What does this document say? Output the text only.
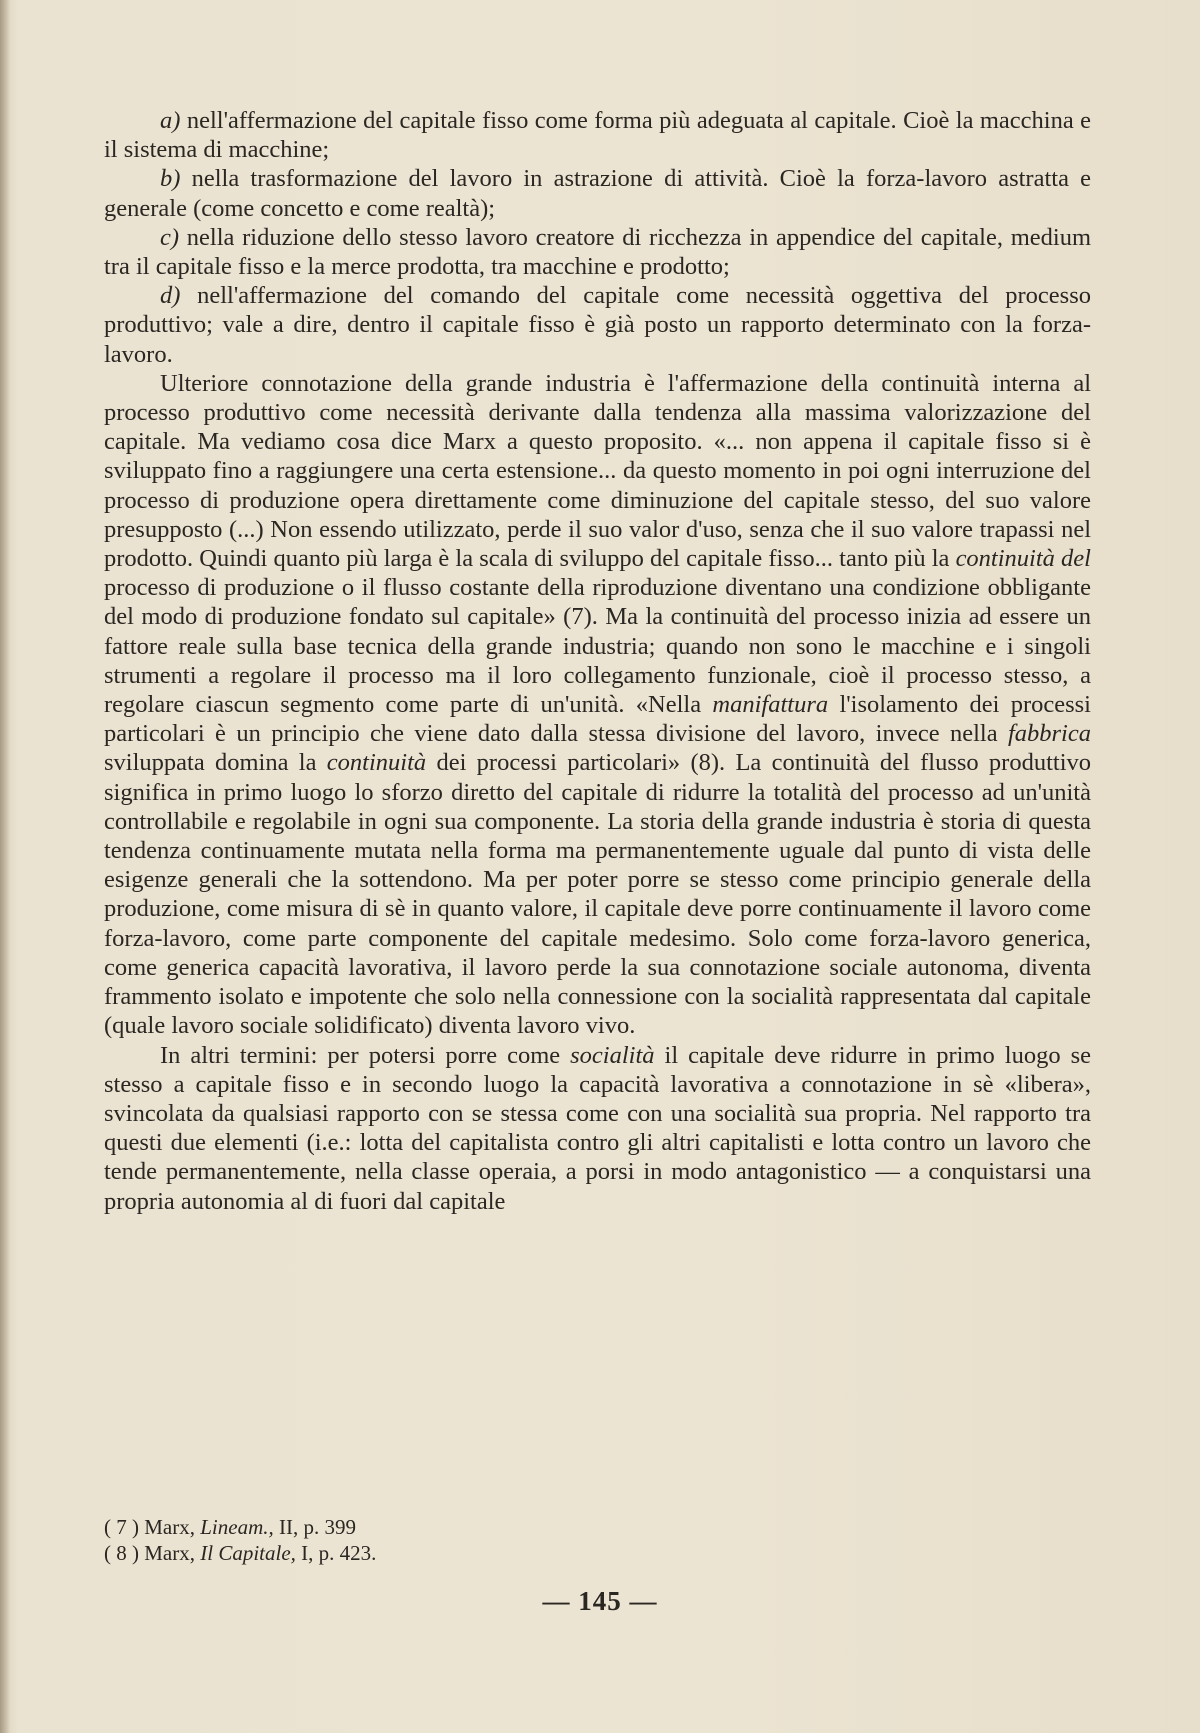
a) nell'affermazione del capitale fisso come forma più adeguata al capitale. Cioè la macchina e il sistema di macchine;

b) nella trasformazione del lavoro in astrazione di attività. Cioè la forza-lavoro astratta e generale (come concetto e come realtà);

c) nella riduzione dello stesso lavoro creatore di ricchezza in appendice del capitale, medium tra il capitale fisso e la merce prodotta, tra macchine e prodotto;

d) nell'affermazione del comando del capitale come necessità oggettiva del processo produttivo; vale a dire, dentro il capitale fisso è già posto un rapporto determinato con la forza-lavoro.

Ulteriore connotazione della grande industria è l'affermazione della continuità interna al processo produttivo come necessità derivante dalla tendenza alla massima valorizzazione del capitale. Ma vediamo cosa dice Marx a questo proposito. «... non appena il capitale fisso si è sviluppato fino a raggiungere una certa estensione... da questo momento in poi ogni interruzione del processo di produzione opera direttamente come diminuzione del capitale stesso, del suo valore presupposto (...) Non essendo utilizzato, perde il suo valor d'uso, senza che il suo valore trapassi nel prodotto. Quindi quanto più larga è la scala di sviluppo del capitale fisso... tanto più la continuità del processo di produzione o il flusso costante della riproduzione diventano una condizione obbligante del modo di produzione fondato sul capitale» (7). Ma la continuità del processo inizia ad essere un fattore reale sulla base tecnica della grande industria; quando non sono le macchine e i singoli strumenti a regolare il processo ma il loro collegamento funzionale, cioè il processo stesso, a regolare ciascun segmento come parte di un'unità. «Nella manifattura l'isolamento dei processi particolari è un principio che viene dato dalla stessa divisione del lavoro, invece nella fabbrica sviluppata domina la continuità dei processi particolari» (8). La continuità del flusso produttivo significa in primo luogo lo sforzo diretto del capitale di ridurre la totalità del processo ad un'unità controllabile e regolabile in ogni sua componente. La storia della grande industria è storia di questa tendenza continuamente mutata nella forma ma permanentemente uguale dal punto di vista delle esigenze generali che la sottendono. Ma per poter porre se stesso come principio generale della produzione, come misura di sè in quanto valore, il capitale deve porre continuamente il lavoro come forza-lavoro, come parte componente del capitale medesimo. Solo come forza-lavoro generica, come generica capacità lavorativa, il lavoro perde la sua connotazione sociale autonoma, diventa frammento isolato e impotente che solo nella connessione con la socialità rappresentata dal capitale (quale lavoro sociale solidificato) diventa lavoro vivo.

In altri termini: per potersi porre come socialità il capitale deve ridurre in primo luogo se stesso a capitale fisso e in secondo luogo la capacità lavorativa a connotazione in sè «libera», svincolata da qualsiasi rapporto con se stessa come con una socialità sua propria. Nel rapporto tra questi due elementi (i.e.: lotta del capitalista contro gli altri capitalisti e lotta contro un lavoro che tende permanentemente, nella classe operaia, a porsi in modo antagonistico — a conquistarsi una propria autonomia al di fuori dal capitale

( 7 ) Marx, Lineam., II, p. 399

( 8 ) Marx, Il Capitale, I, p. 423.

— 145 —
